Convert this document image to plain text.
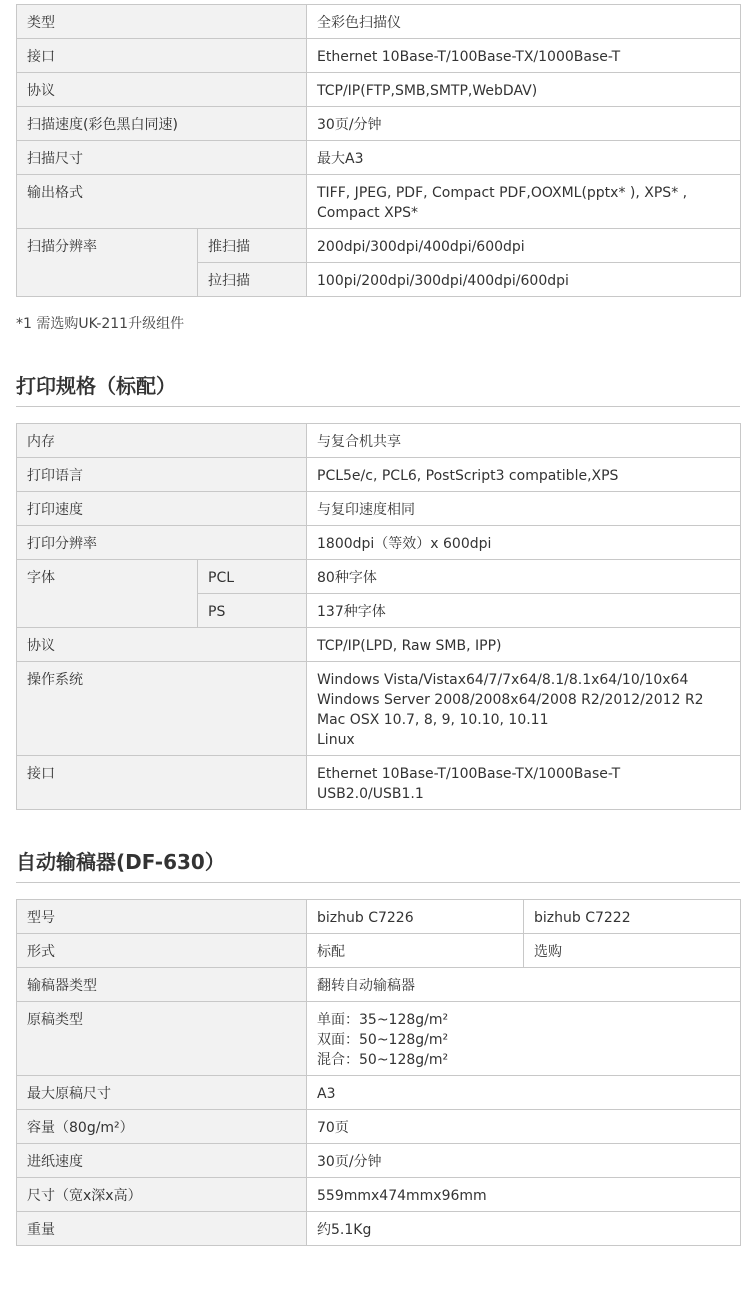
类型		全彩色扫描仪
接口		Ethernet 10Base-T/100Base-TX/1000Base-T
协议		TCP/IP(FTP,SMB,SMTP,WebDAV)
扫描速度(彩色黑白同速)		30页/分钟
扫描尺寸		最大A3
输出格式		TIFF, JPEG, PDF, Compact PDF,OOXML(pptx* ), XPS* ,
Compact XPS*
扫描分辨率	推扫描	200dpi/300dpi/400dpi/600dpi
	拉扫描	100pi/200dpi/300dpi/400dpi/600dpi
*1 需选购UK-211升级组件
打印规格（标配）
内存		与复合机共享
打印语言		PCL5e/c, PCL6, PostScript3 compatible,XPS
打印速度		与复印速度相同
打印分辨率		1800dpi（等效）x 600dpi
字体	PCL	80种字体
	PS	137种字体
协议		TCP/IP(LPD, Raw SMB, IPP)
操作系统		Windows Vista/Vistax64/7/7x64/8.1/8.1x64/10/10x64
Windows Server 2008/2008x64/2008 R2/2012/2012 R2
Mac OSX 10.7, 8, 9, 10.10, 10.11
Linux
接口		Ethernet 10Base-T/100Base-TX/1000Base-T
USB2.0/USB1.1
自动输稿器(DF-630）
型号	bizhub C7226	bizhub C7222
形式	标配	选购
输稿器类型	翻转自动输稿器	
原稿类型	单面：35~128g/m²
双面：50~128g/m²
混合：50~128g/m²	
最大原稿尺寸	A3	
容量（80g/m²）	70页	
进纸速度	30页/分钟	
尺寸（宽x深x高）	559mmx474mmx96mm	
重量	约5.1Kg	
